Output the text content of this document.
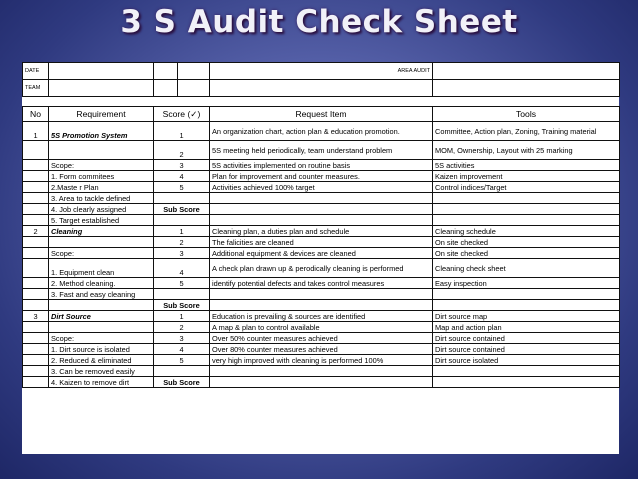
3 S Audit Check Sheet
DATE				AREA AUDIT	
TEAM					
No	Requirement	Score (✓)	Request Item	Tools
1	5S Promotion System	1	An organization chart, action plan & education promotion.	Committee, Action plan, Zoning, Training material
		2	5S meeting held periodically, team understand problem	MOM, Ownership, Layout with 25 marking
	Scope:	3	5S activities implemented on routine basis	5S activities
	1. Form commitees	4	Plan for improvement and counter measures.	Kaizen improvement
	2.Maste r Plan	5	Activities achieved 100% target	Control indices/Target
	3. Area to tackle defined			
	4. Job clearly assigned	Sub Score		
	5. Target established			
2	Cleaning	1	Cleaning plan, a duties plan and schedule	Cleaning schedule
		2	The falicities are cleaned	On site checked
	Scope:	3	Additional equipment & devices are cleaned	On site checked
	1. Equipment clean	4	A check plan drawn up & perodically cleaning is performed	Cleaning check sheet
	2. Method cleaning.	5	identify potential defects and takes control measures	Easy inspection
	3. Fast and easy cleaning			
		Sub Score		
3	Dirt Source	1	Education is prevailing & sources are identified	Dirt source map
		2	A map & plan to control available	Map and action plan
	Scope:	3	Over 50% counter measures achieved	Dirt source contained
	1. Dirt source is isolated	4	Over 80% counter measures achieved	Dirt source contained
	2. Reduced & eliminated	5	very high improved with cleaning is performed 100%	Dirt source isolated
	3. Can be removed easily			
	4. Kaizen to remove dirt	Sub Score		
